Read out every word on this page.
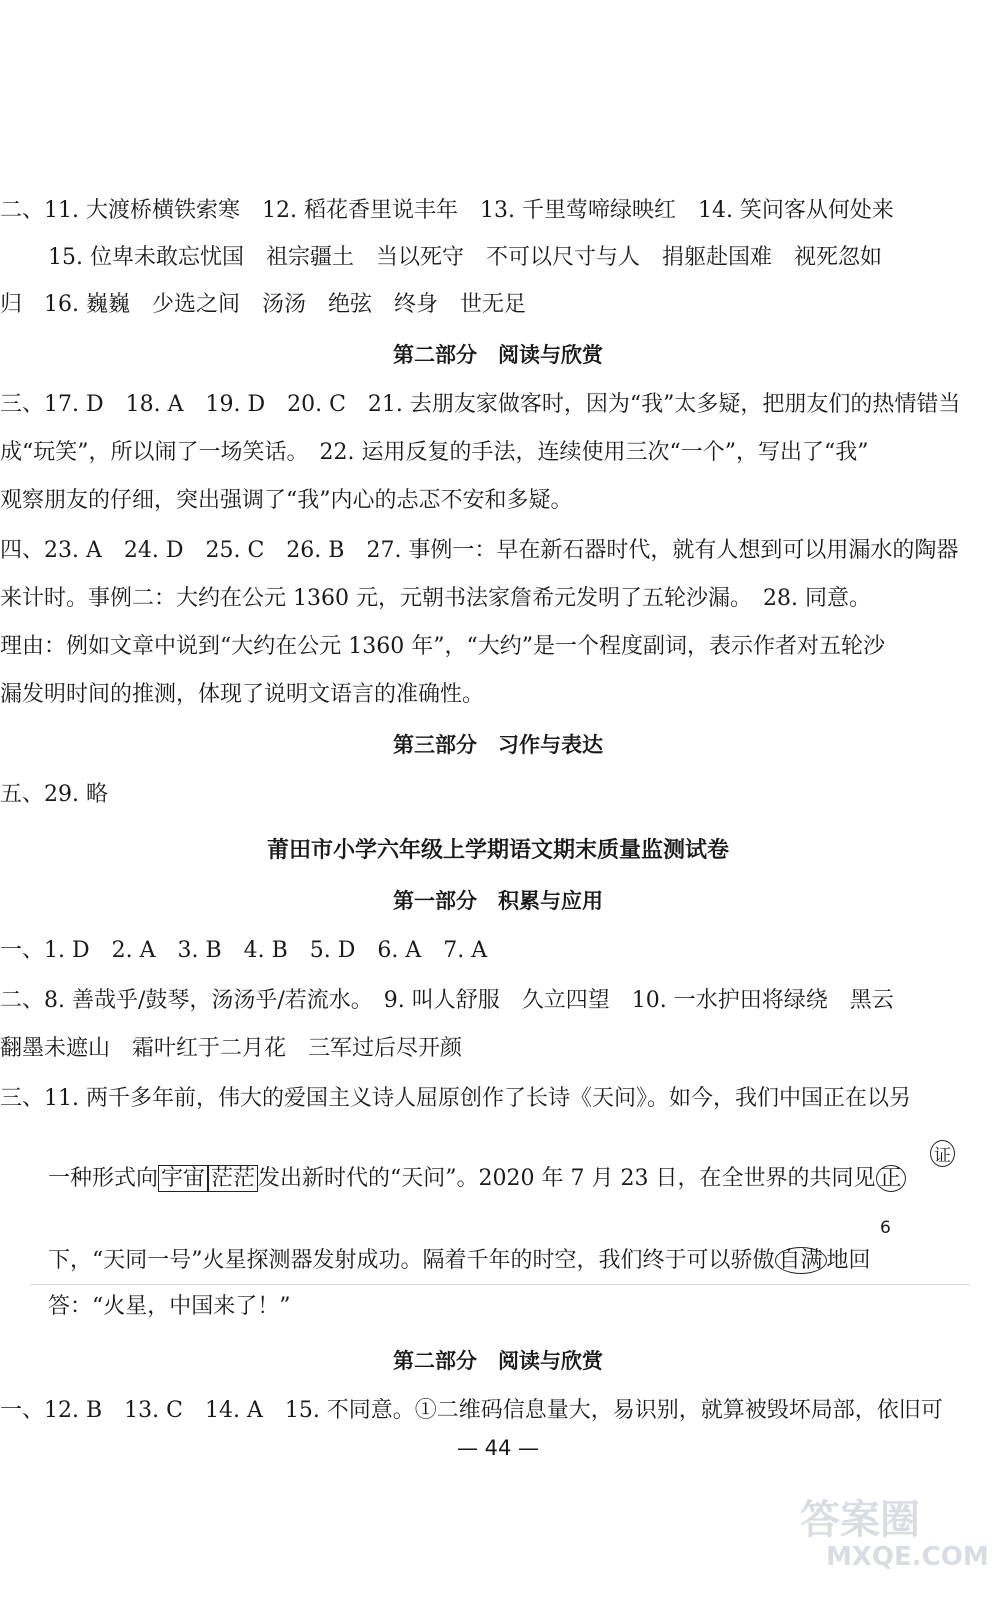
二、11. 大渡桥横铁索寒　12. 稻花香里说丰年　13. 千里莺啼绿映红　14. 笑问客从何处来
15. 位卑未敢忘忧国　祖宗疆土　当以死守　不可以尺寸与人　捐躯赴国难　视死忽如
归　16. 巍巍　少选之间　汤汤　绝弦　终身　世无足
第二部分　阅读与欣赏
三、17. D　18. A　19. D　20. C　21. 去朋友家做客时，因为“我”太多疑，把朋友们的热情错当
成“玩笑”，所以闹了一场笑话。　22. 运用反复的手法，连续使用三次“一个”，写出了“我”
观察朋友的仔细，突出强调了“我”内心的忐忑不安和多疑。
四、23. A　24. D　25. C　26. B　27. 事例一：早在新石器时代，就有人想到可以用漏水的陶器
来计时。事例二：大约在公元 1360 元，元朝书法家詹希元发明了五轮沙漏。　28. 同意。
理由：例如文章中说到“大约在公元 1360 年”，“大约”是一个程度副词，表示作者对五轮沙
漏发明时间的推测，体现了说明文语言的准确性。
第三部分　习作与表达
五、29. 略
莆田市小学六年级上学期语文期末质量监测试卷
第一部分　积累与应用
一、1. D　2. A　3. B　4. B　5. D　6. A　7. A
二、8. 善哉乎/鼓琴，汤汤乎/若流水。　9. 叫人舒服　久立四望　10. 一水护田将绿绕　黑云
翻墨未遮山　霜叶红于二月花　三军过后尽开颜
三、11. 两千多年前，伟大的爱国主义诗人屈原创作了长诗《天问》。如今，我们中国正在以另
一种形式向 宇宙 茫茫 发出新时代的“天问”。2020 年 7 月 23 日，在全世界的共同见 正
证
下，“天同一号”火星探测器发射成功。隔着千年的时空，我们终于可以骄傲 自满 地回
6
答：“火星，中国来了！”
第二部分　阅读与欣赏
一、12. B　13. C　14. A　15. 不同意。①二维码信息量大，易识别，就算被毁坏局部，依旧可
— 44 —
答案圈
MXQE.COM
